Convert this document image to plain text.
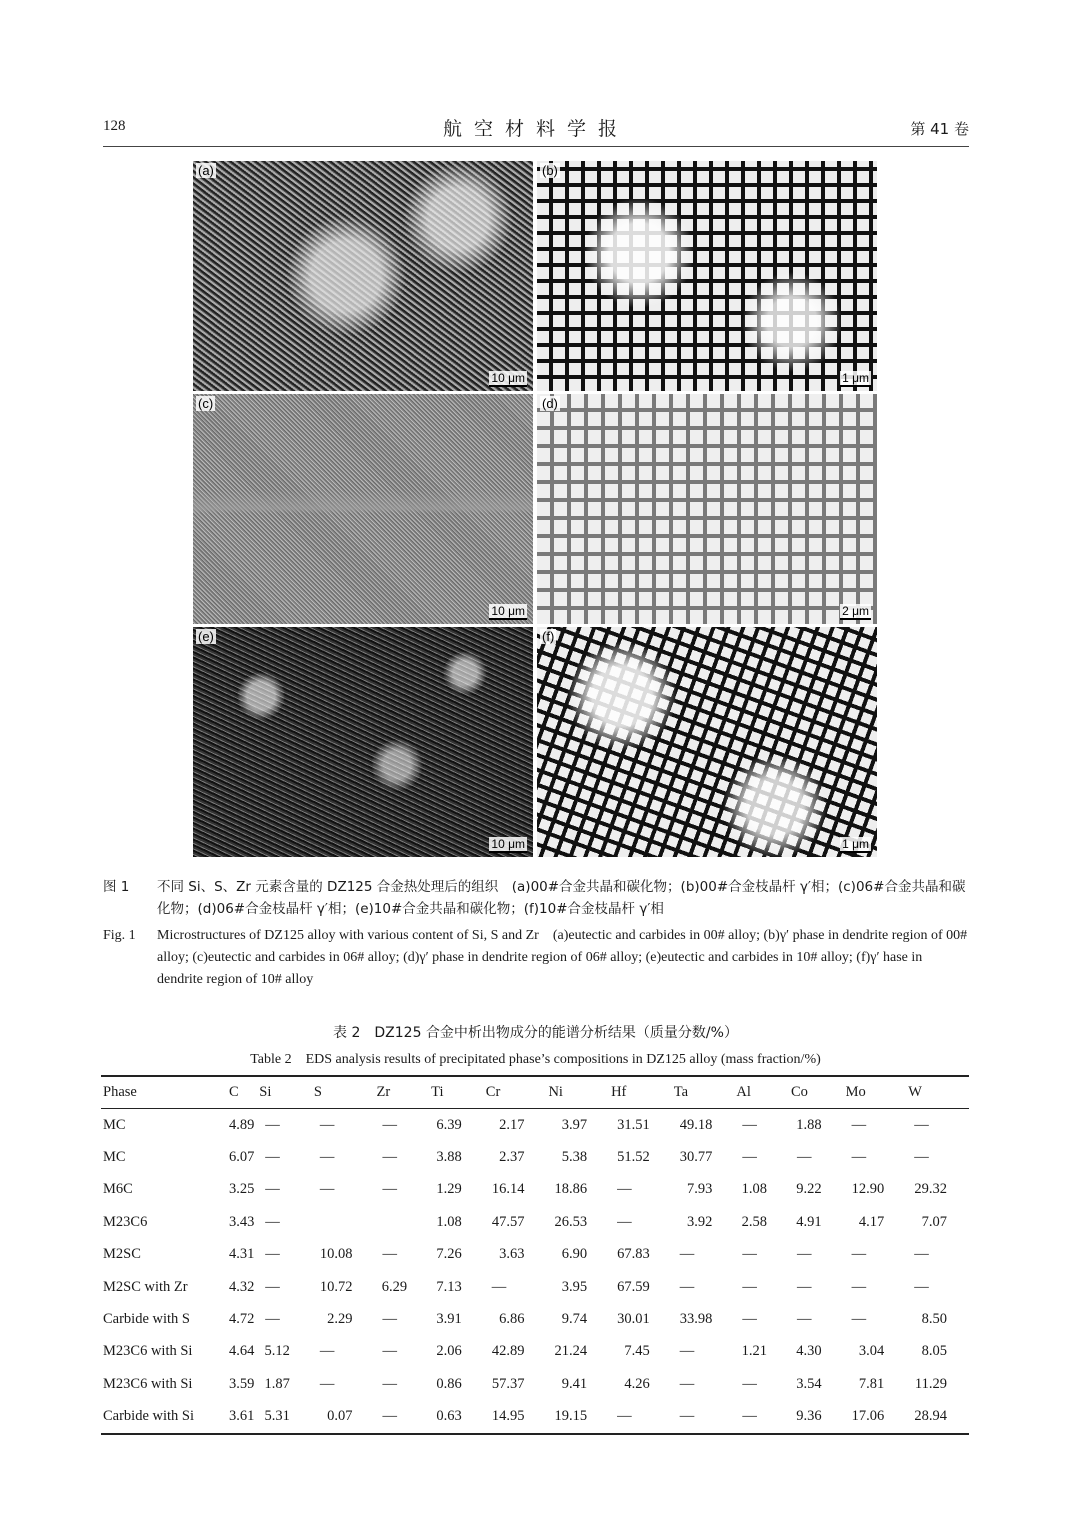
128	航空材料学报	第 41 卷
(a)
10 μm
(b)
1 μm
(c)
10 μm
(d)
2 μm
(e)
10 μm
(f)
1 μm
图 1 不同 Si、S、Zr 元素含量的 DZ125 合金热处理后的组织　(a)00#合金共晶和碳化物；(b)00#合金枝晶杆 γ′相；(c)06#合金共晶和碳化物；(d)06#合金枝晶杆 γ′相；(e)10#合金共晶和碳化物；(f)10#合金枝晶杆 γ′相
Fig. 1 Microstructures of DZ125 alloy with various content of Si, S and Zr　(a)eutectic and carbides in 00# alloy; (b)γ′ phase in dendrite region of 00# alloy; (c)eutectic and carbides in 06# alloy; (d)γ′ phase in dendrite region of 06# alloy; (e)eutectic and carbides in 10# alloy; (f)γ′ hase in dendrite region of 10# alloy
表 2　DZ125 合金中析出物成分的能谱分析结果（质量分数/%）
Table 2　EDS analysis results of precipitated phase’s compositions in DZ125 alloy (mass fraction/%)
Phase	C	Si	S	Zr	Ti	Cr	Ni	Hf	Ta	Al	Co	Mo	W
MC	4.89	—	—	—	6.39	2.17	3.97	31.51	49.18	—	1.88	—	—
MC	6.07	—	—	—	3.88	2.37	5.38	51.52	30.77	—	—	—	—
M6C	3.25	—	—	—	1.29	16.14	18.86	—	7.93	1.08	9.22	12.90	29.32
M23C6	3.43	—			1.08	47.57	26.53	—	3.92	2.58	4.91	4.17	7.07
M2SC	4.31	—	10.08	—	7.26	3.63	6.90	67.83	—	—	—	—	—
M2SC with Zr	4.32	—	10.72	6.29	7.13	—	3.95	67.59	—	—	—	—	—
Carbide with S	4.72	—	2.29	—	3.91	6.86	9.74	30.01	33.98	—	—	—	8.50
M23C6 with Si	4.64	5.12	—	—	2.06	42.89	21.24	7.45	—	1.21	4.30	3.04	8.05
M23C6 with Si	3.59	1.87	—	—	0.86	57.37	9.41	4.26	—	—	3.54	7.81	11.29
Carbide with Si	3.61	5.31	0.07	—	0.63	14.95	19.15	—	—	—	9.36	17.06	28.94
